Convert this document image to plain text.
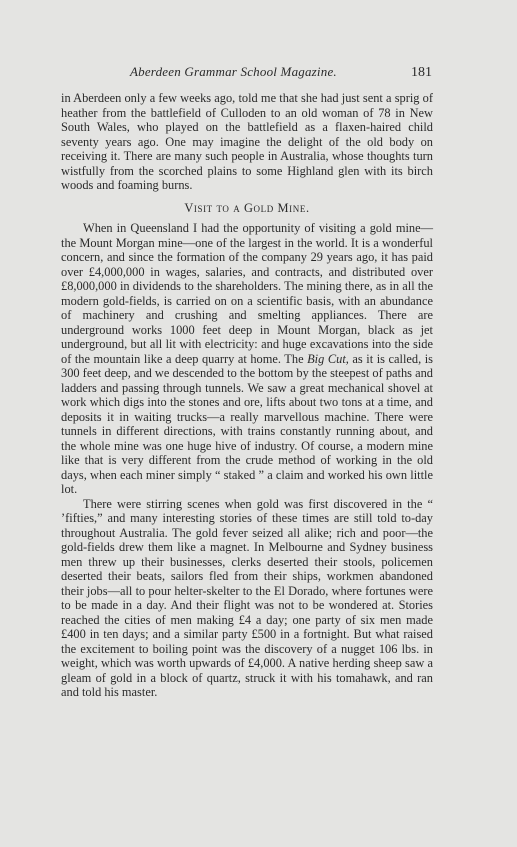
Aberdeen Grammar School Magazine.	181

in Aberdeen only a few weeks ago, told me that she had just sent a sprig of heather from the battlefield of Culloden to an old woman of 78 in New South Wales, who played on the battlefield as a flaxen-haired child seventy years ago. One may imagine the delight of the old body on receiving it. There are many such people in Australia, whose thoughts turn wistfully from the scorched plains to some Highland glen with its birch woods and foaming burns.

Visit to a Gold Mine.

When in Queensland I had the opportunity of visiting a gold mine—the Mount Morgan mine—one of the largest in the world. It is a wonderful concern, and since the formation of the company 29 years ago, it has paid over £4,000,000 in wages, salaries, and contracts, and distributed over £8,000,000 in dividends to the shareholders. The mining there, as in all the modern gold-fields, is carried on on a scientific basis, with an abundance of machinery and crushing and smelting appliances. There are underground works 1000 feet deep in Mount Morgan, black as jet underground, but all lit with electricity: and huge excavations into the side of the mountain like a deep quarry at home. The Big Cut, as it is called, is 300 feet deep, and we descended to the bottom by the steepest of paths and ladders and passing through tunnels. We saw a great mechanical shovel at work which digs into the stones and ore, lifts about two tons at a time, and deposits it in waiting trucks—a really marvellous machine. There were tunnels in different directions, with trains constantly running about, and the whole mine was one huge hive of industry. Of course, a modern mine like that is very different from the crude method of working in the old days, when each miner simply “ staked ” a claim and worked his own little lot.

There were stirring scenes when gold was first discovered in the “ ’fifties,” and many interesting stories of these times are still told to-day throughout Australia. The gold fever seized all alike; rich and poor—the gold-fields drew them like a magnet. In Melbourne and Sydney business men threw up their businesses, clerks deserted their stools, policemen deserted their beats, sailors fled from their ships, workmen abandoned their jobs—all to pour helter-skelter to the El Dorado, where fortunes were to be made in a day. And their flight was not to be wondered at. Stories reached the cities of men making £4 a day; one party of six men made £400 in ten days; and a similar party £500 in a fortnight. But what raised the excitement to boiling point was the discovery of a nugget 106 lbs. in weight, which was worth upwards of £4,000. A native herding sheep saw a gleam of gold in a block of quartz, struck it with his tomahawk, and ran and told his master.
